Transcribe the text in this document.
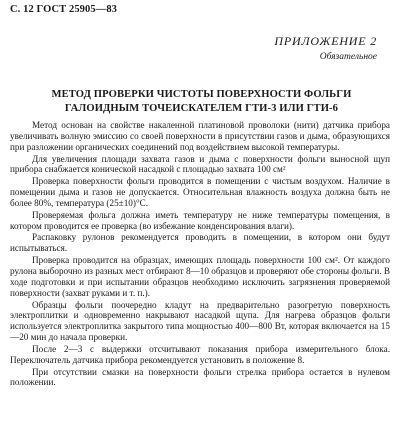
С. 12 ГОСТ 25905—83
ПРИЛОЖЕНИЕ 2
Обязательное
МЕТОД ПРОВЕРКИ ЧИСТОТЫ ПОВЕРХНОСТИ ФОЛЬГИ
ГАЛОИДНЫМ ТОЧЕИСКАТЕЛЕМ ГТИ-3 ИЛИ ГТИ-6

Метод основан на свойстве накаленной платиновой проволоки (нити) датчика прибора увеличивать волную эмиссию со своей поверхности в присутствии газов и дыма, образующихся при разложении органических соединений под воздействием высокой температуры.

Для увеличения площади захвата газов и дыма с поверхности фольги выносной щуп прибора снабжается конической насадкой с площадью захвата 100 см²

Проверка поверхности фольги проводится в помещении с чистым воздухом. Наличие в помещении дыма и газов не допускается. Относительная влажность воздуха должна быть не более 80%, температура (25±10)°С.

Проверяемая фольга должна иметь температуру не ниже температуры помещения, в котором проводится ее проверка (во избежание конденсирования влаги).

Распаковку рулонов рекомендуется проводить в помещении, в котором они будут испытываться.

Проверка проводится на образцах, имеющих площадь поверхности 100 см². От каждого рулона выборочно из разных мест отбирают 8—10 образцов и проверяют обе стороны фольги. В ходе подготовки и при испытании образцов необходимо исключить загрязнения проверяемой поверхности (захват руками и т. п.).

Образцы фольги поочередно кладут на предварительно разогретую поверхность электроплитки и одновременно накрывают насадкой щупа. Для нагрева образцов фольги используется электроплитка закрытого типа мощностью 400—800 Вт, которая включается на 15—20 мин до начала проверки.

После 2—3 с выдержки отсчитывают показания прибора измерительного блока. Переключатель датчика прибора рекомендуется установить в положение 8.

При отсутствии смазки на поверхности фольги стрелка прибора остается в нулевом положении.
